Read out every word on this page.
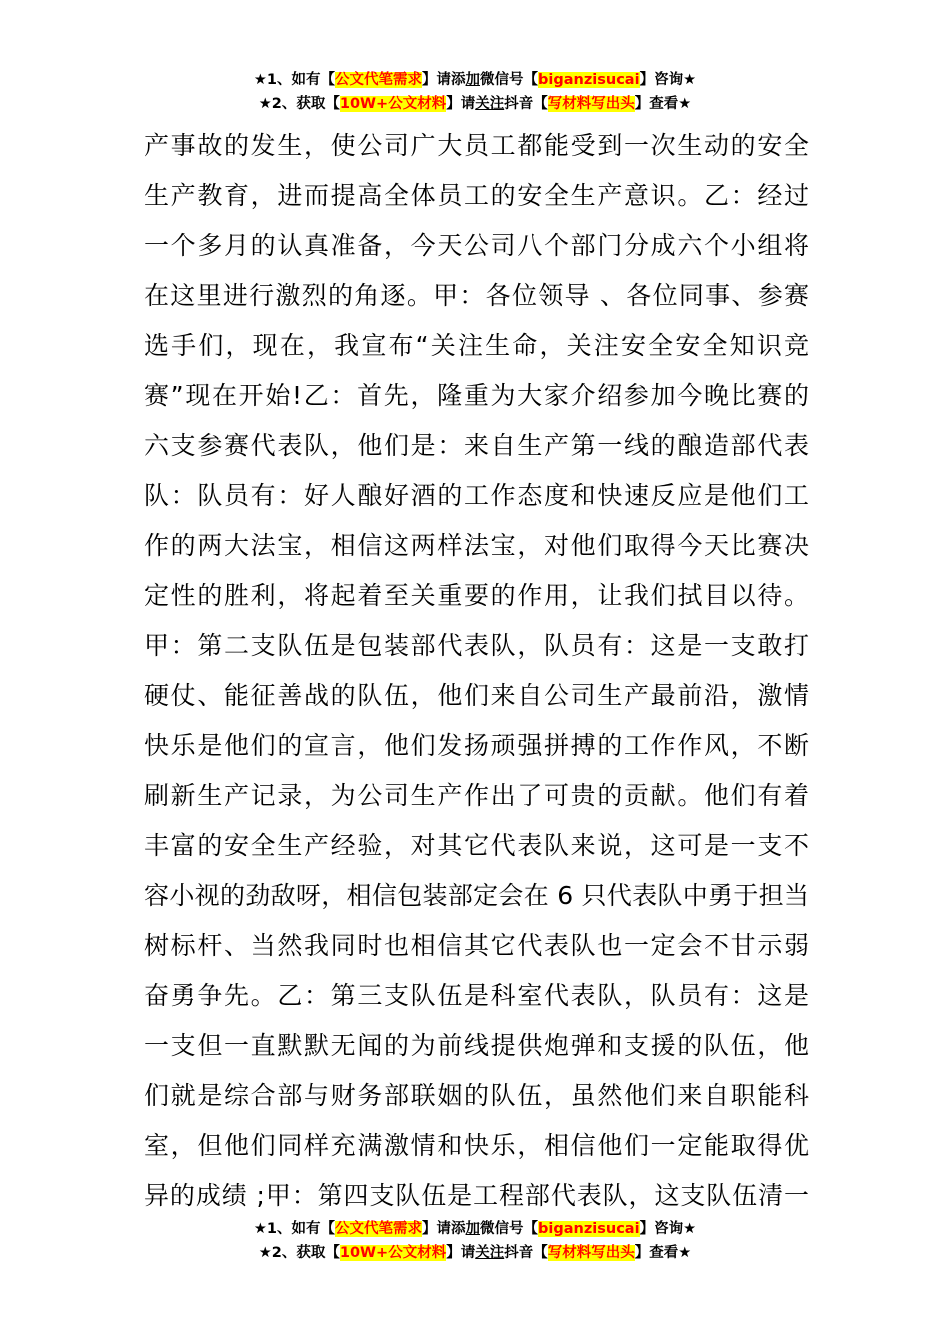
★1、如有【公文代笔需求】请添加微信号【biganzisucai】咨询★
★2、获取【10W+公文材料】请关注抖音【写材料写出头】查看★
产事故的发生，使公司广大员工都能受到一次生动的安全
生产教育，进而提高全体员工的安全生产意识。乙：经过
一个多月的认真准备，今天公司八个部门分成六个小组将
在这里进行激烈的角逐。甲：各位领导 、各位同事、参赛
选手们，现在，我宣布“关注生命，关注安全安全知识竞
赛”现在开始!乙：首先，隆重为大家介绍参加今晚比赛的
六支参赛代表队，他们是：来自生产第一线的酿造部代表
队：队员有：好人酿好酒的工作态度和快速反应是他们工
作的两大法宝，相信这两样法宝，对他们取得今天比赛决
定性的胜利，将起着至关重要的作用，让我们拭目以待。
甲：第二支队伍是包装部代表队，队员有：这是一支敢打
硬仗、能征善战的队伍，他们来自公司生产最前沿，激情
快乐是他们的宣言，他们发扬顽强拼搏的工作作风，不断
刷新生产记录，为公司生产作出了可贵的贡献。他们有着
丰富的安全生产经验，对其它代表队来说，这可是一支不
容小视的劲敌呀，相信包装部定会在 6 只代表队中勇于担当
树标杆、当然我同时也相信其它代表队也一定会不甘示弱
奋勇争先。乙：第三支队伍是科室代表队，队员有：这是
一支但一直默默无闻的为前线提供炮弹和支援的队伍，他
们就是综合部与财务部联姻的队伍，虽然他们来自职能科
室，但他们同样充满激情和快乐，相信他们一定能取得优
异的成绩 ;甲：第四支队伍是工程部代表队，这支队伍清一
★1、如有【公文代笔需求】请添加微信号【biganzisucai】咨询★
★2、获取【10W+公文材料】请关注抖音【写材料写出头】查看★
